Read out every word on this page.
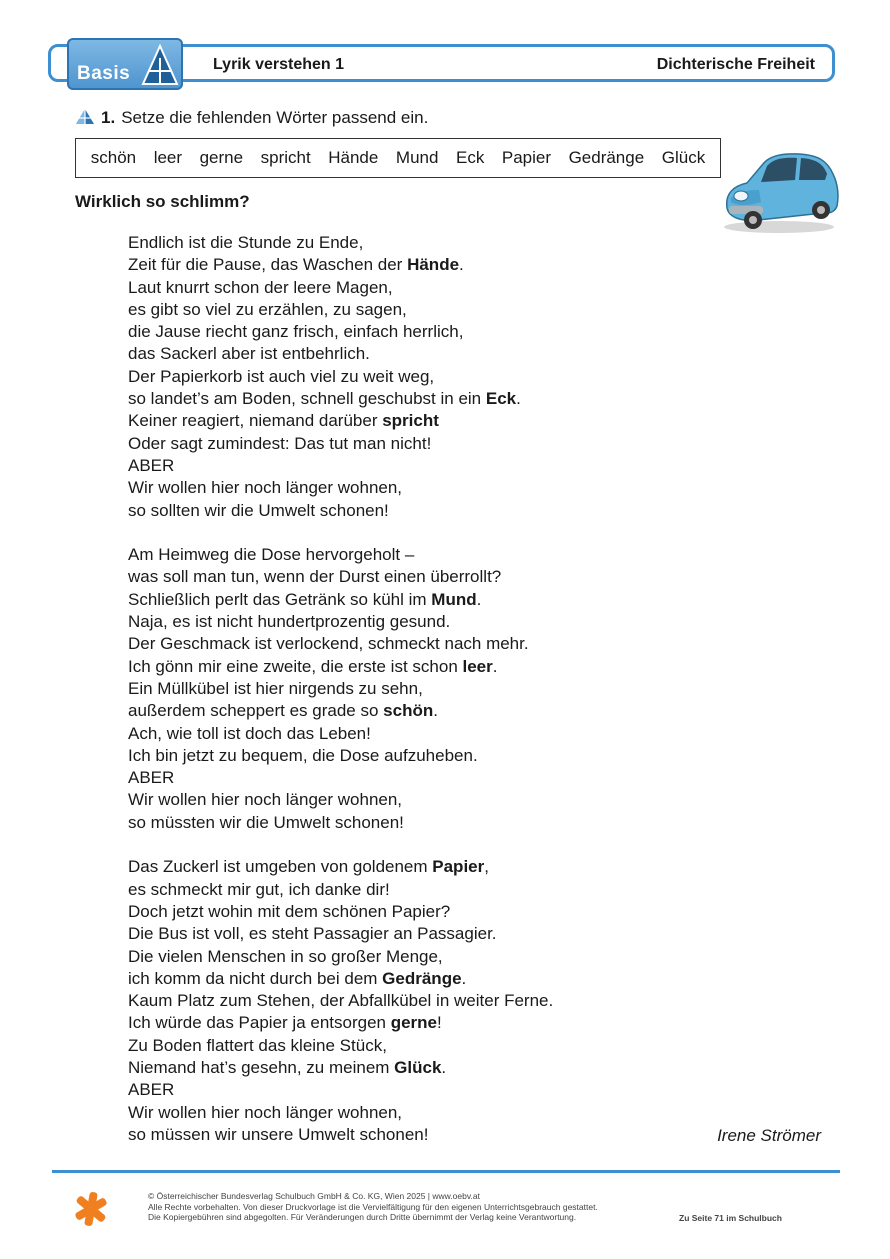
Basis	Lyrik verstehen 1	Dichterische Freiheit
1. Setze die fehlenden Wörter passend ein.
schön leer gerne spricht Hände Mund Eck Papier Gedränge Glück
Wirklich so schlimm?
Endlich ist die Stunde zu Ende,
Zeit für die Pause, das Waschen der Hände.
Laut knurrt schon der leere Magen,
es gibt so viel zu erzählen, zu sagen,
die Jause riecht ganz frisch, einfach herrlich,
das Sackerl aber ist entbehrlich.
Der Papierkorb ist auch viel zu weit weg,
so landet’s am Boden, schnell geschubst in ein Eck.
Keiner reagiert, niemand darüber spricht
Oder sagt zumindest: Das tut man nicht!
ABER
Wir wollen hier noch länger wohnen,
so sollten wir die Umwelt schonen!
Am Heimweg die Dose hervorgeholt –
was soll man tun, wenn der Durst einen überrollt?
Schließlich perlt das Getränk so kühl im Mund.
Naja, es ist nicht hundertprozentig gesund.
Der Geschmack ist verlockend, schmeckt nach mehr.
Ich gönn mir eine zweite, die erste ist schon leer.
Ein Müllkübel ist hier nirgends zu sehn,
außerdem scheppert es grade so schön.
Ach, wie toll ist doch das Leben!
Ich bin jetzt zu bequem, die Dose aufzuheben.
ABER
Wir wollen hier noch länger wohnen,
so müssten wir die Umwelt schonen!
Das Zuckerl ist umgeben von goldenem Papier,
es schmeckt mir gut, ich danke dir!
Doch jetzt wohin mit dem schönen Papier?
Die Bus ist voll, es steht Passagier an Passagier.
Die vielen Menschen in so großer Menge,
ich komm da nicht durch bei dem Gedränge.
Kaum Platz zum Stehen, der Abfallkübel in weiter Ferne.
Ich würde das Papier ja entsorgen gerne!
Zu Boden flattert das kleine Stück,
Niemand hat’s gesehn, zu meinem Glück.
ABER
Wir wollen hier noch länger wohnen,
so müssen wir unsere Umwelt schonen!	Irene Strömer
© Österreichischer Bundesverlag Schulbuch GmbH & Co. KG, Wien 2025 | www.oebv.at
Alle Rechte vorbehalten. Von dieser Druckvorlage ist die Vervielfältigung für den eigenen Unterrichtsgebrauch gestattet.
Die Kopiergebühren sind abgegolten. Für Veränderungen durch Dritte übernimmt der Verlag keine Verantwortung.	Zu Seite 71 im Schulbuch
